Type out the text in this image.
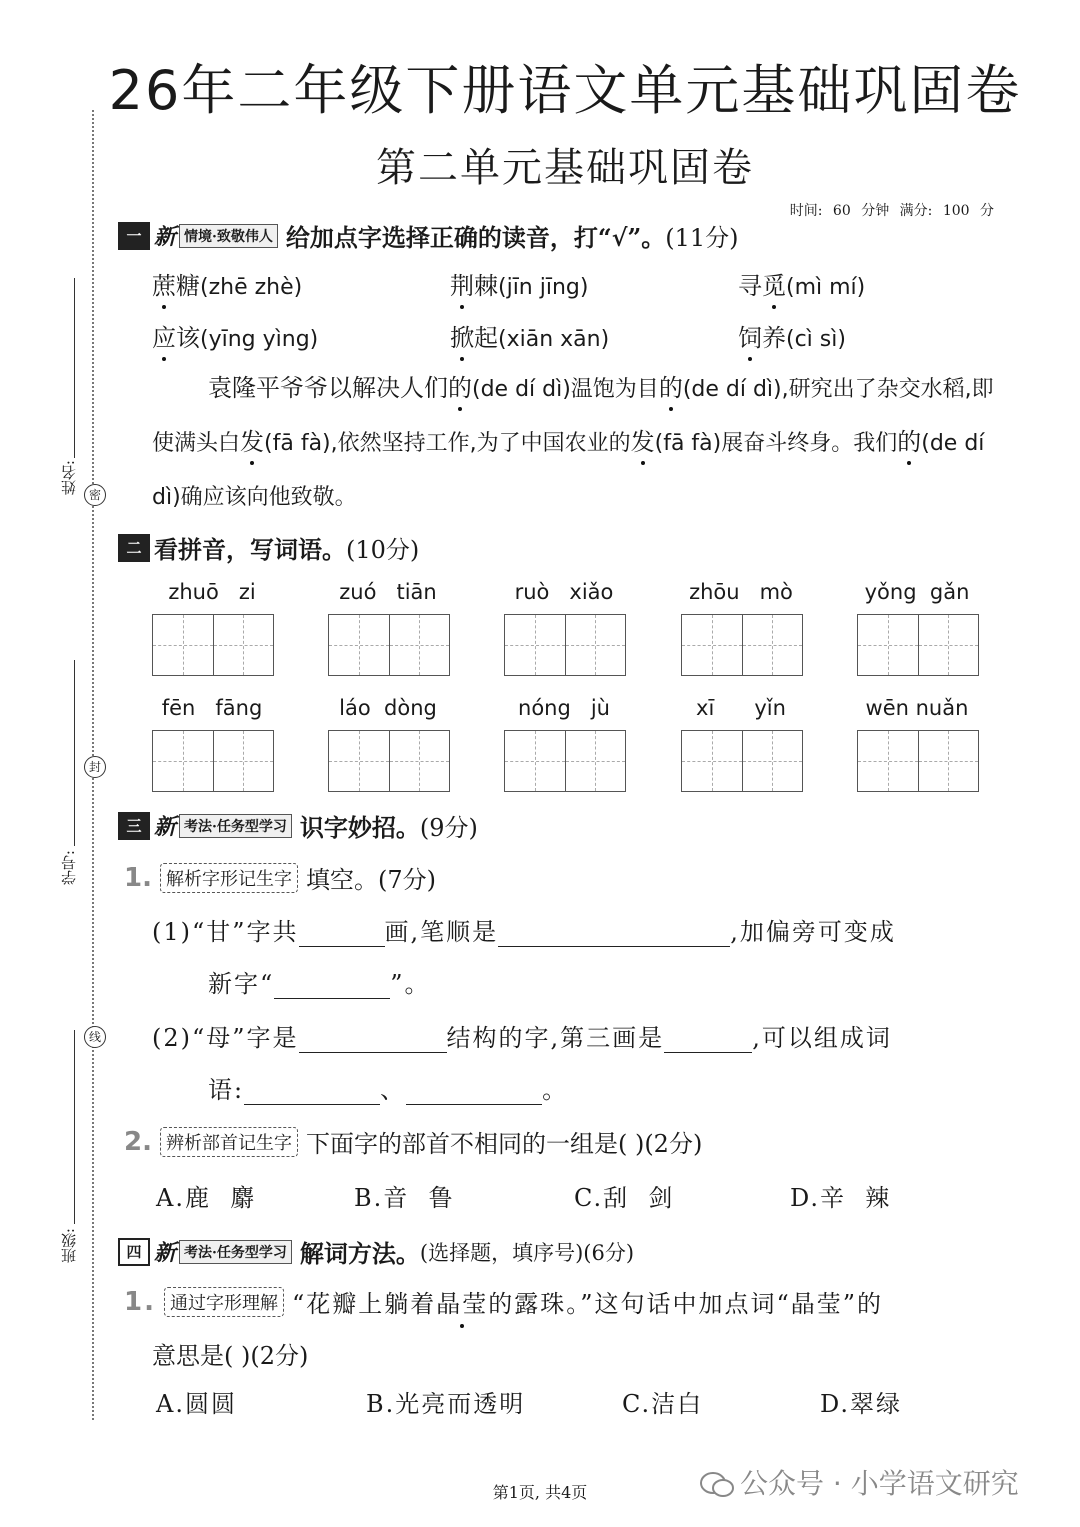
26年二年级下册语文单元基础巩固卷
第二单元基础巩固卷
时间: 60 分钟 满分: 100 分
姓名: 密
学号:
封
线
班级:
一 新 情境·致敬伟人 给加点字选择正确的读音，打“√”。 (11分)
蔗糖(zhē zhè)	荆棘(jīn jīng)	寻觅(mì mí)
应该(yīng yìng)	掀起(xiān xān)	饲养(cì sì)
袁隆平爷爷以解决人们的(de dí dì)温饱为目的(de dí dì),研究出了杂交水稻,即使满头白发(fā fà),依然坚持工作,为了中国农业的发(fā fà)展奋斗终身。我们的(de dí dì)确应该向他致敬。
二 看拼音，写词语。 (10分)
zhuō   zi	zuó   tiān	ruò   xiǎo	zhōu   mò	yǒng  gǎn
fēn   fāng	láo  dòng	nóng   jù	xī      yǐn	wēn nuǎn
三 新 考法·任务型学习 识字妙招。 (9分)
1. 解析字形记生字 填空。(7分)
(1)“甘”字共	画,笔顺是	,加偏旁可变成
新字“	”。
(2)“母”字是	结构的字,第三画是	,可以组成词
语:	、	。
2. 辨析部首记生字 下面字的部首不相同的一组是( )(2分)
A.鹿  麝	B.音  鲁	C.刮  剑	D.辛  辣
四 新 考法·任务型学习 解词方法。 (选择题，填序号)(6分)
1. 通过字形理解 “花瓣上躺着 晶莹 的露珠。”这句话中加点词“晶莹”的
意思是( )(2分)
A.圆圆	B.光亮而透明	C.洁白	D.翠绿
第1页, 共4页	公众号 · 小学语文研究
